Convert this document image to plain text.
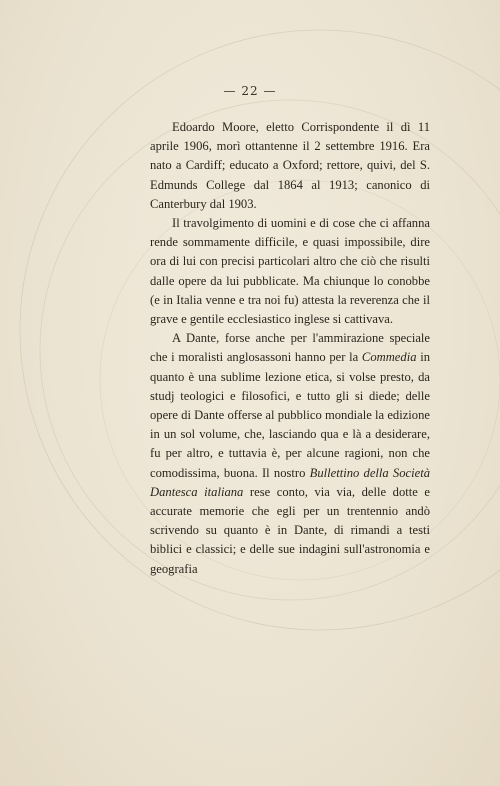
— 22 —

Edoardo Moore, eletto Corrispondente il dì 11 aprile 1906, morì ottantenne il 2 settembre 1916. Era nato a Cardiff; educato a Oxford; rettore, quivi, del S. Edmunds College dal 1864 al 1913; canonico di Canterbury dal 1903.

Il travolgimento di uomini e di cose che ci affanna rende sommamente difficile, e quasi impossibile, dire ora di lui con precisi particolari altro che ciò che risulti dalle opere da lui pubblicate. Ma chiunque lo conobbe (e in Italia venne e tra noi fu) attesta la reverenza che il grave e gentile ecclesiastico inglese si cattivava.

A Dante, forse anche per l'ammirazione speciale che i moralisti anglosassoni hanno per la Commedia in quanto è una sublime lezione etica, si volse presto, da studj teologici e filosofici, e tutto gli si diede; delle opere di Dante offerse al pubblico mondiale la edizione in un sol volume, che, lasciando qua e là a desiderare, fu per altro, e tuttavia è, per alcune ragioni, non che comodissima, buona. Il nostro Bullettino della Società Dantesca italiana rese conto, via via, delle dotte e accurate memorie che egli per un trentennio andò scrivendo su quanto è in Dante, di rimandi a testi biblici e classici; e delle sue indagini sull'astronomia e geografia
